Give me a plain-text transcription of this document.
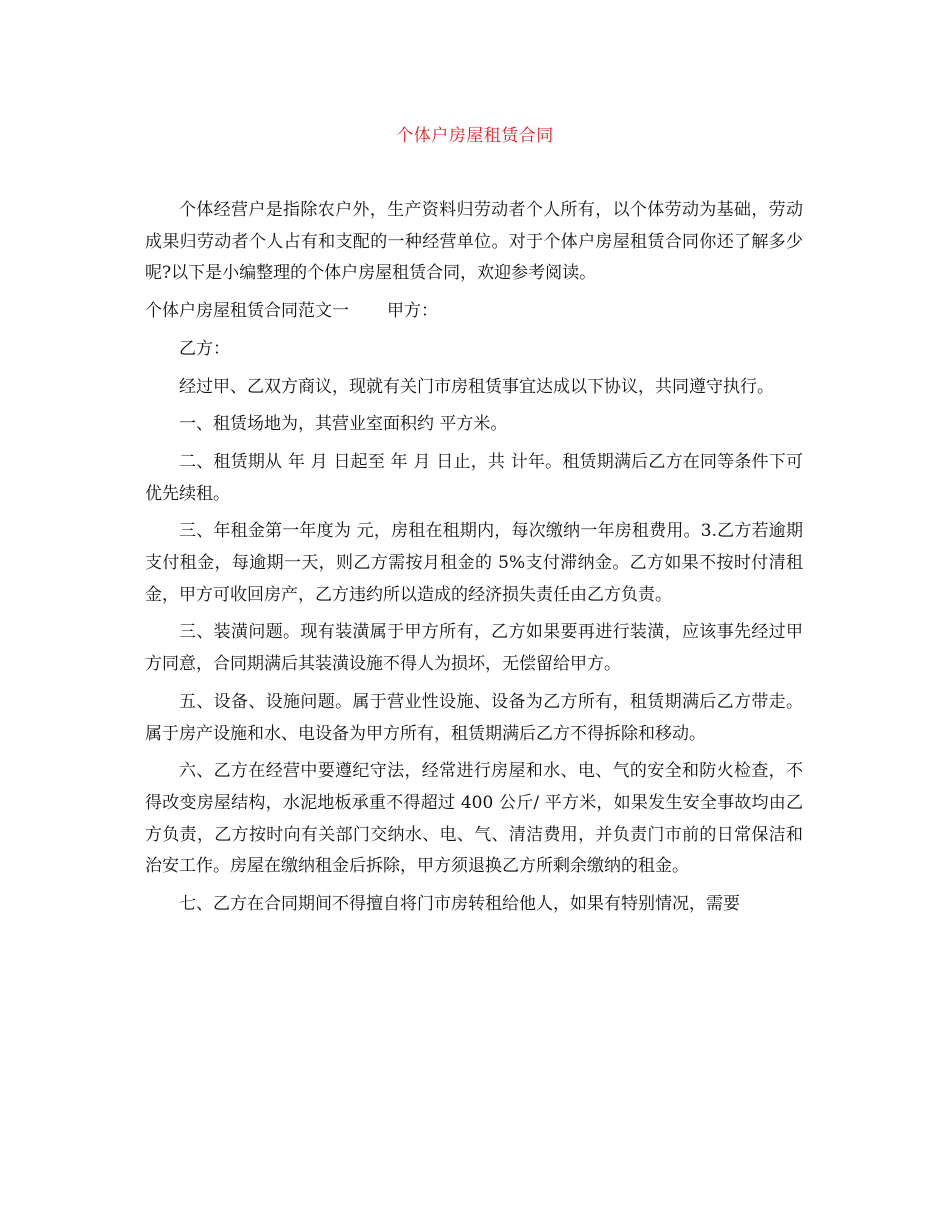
个体户房屋租赁合同

个体经营户是指除农户外，生产资料归劳动者个人所有，以个体劳动为基础，劳动成果归劳动者个人占有和支配的一种经营单位。对于个体户房屋租赁合同你还了解多少呢?以下是小编整理的个体户房屋租赁合同，欢迎参考阅读。

个体户房屋租赁合同范文一 甲方：

乙方：

经过甲、乙双方商议，现就有关门市房租赁事宜达成以下协议，共同遵守执行。

一、租赁场地为，其营业室面积约 平方米。

二、租赁期从 年 月 日起至 年 月 日止，共 计年。租赁期满后乙方在同等条件下可优先续租。

三、年租金第一年度为 元，房租在租期内，每次缴纳一年房租费用。3.乙方若逾期支付租金，每逾期一天，则乙方需按月租金的 5%支付滞纳金。乙方如果不按时付清租金，甲方可收回房产，乙方违约所以造成的经济损失责任由乙方负责。

三、装潢问题。现有装潢属于甲方所有，乙方如果要再进行装潢，应该事先经过甲方同意，合同期满后其装潢设施不得人为损坏，无偿留给甲方。

五、设备、设施问题。属于营业性设施、设备为乙方所有，租赁期满后乙方带走。属于房产设施和水、电设备为甲方所有，租赁期满后乙方不得拆除和移动。

六、乙方在经营中要遵纪守法，经常进行房屋和水、电、气的安全和防火检查，不得改变房屋结构，水泥地板承重不得超过 400 公斤/ 平方米，如果发生安全事故均由乙方负责，乙方按时向有关部门交纳水、电、气、清洁费用，并负责门市前的日常保洁和治安工作。房屋在缴纳租金后拆除，甲方须退换乙方所剩余缴纳的租金。

七、乙方在合同期间不得擅自将门市房转租给他人，如果有特别情况，需要
